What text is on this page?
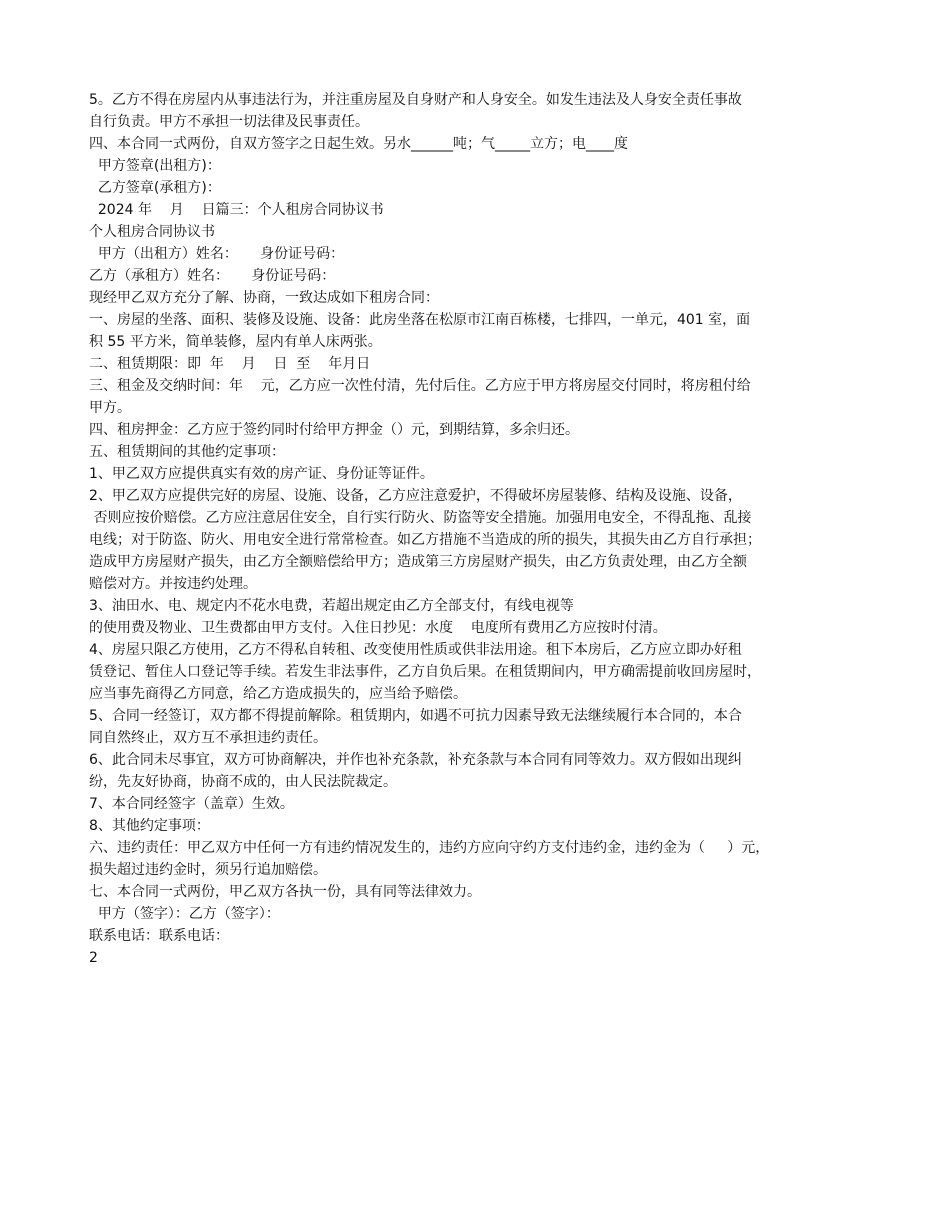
5。乙方不得在房屋内从事违法行为，并注重房屋及自身财产和人身安全。如发生违法及人身安全责任事故
自行负责。甲方不承担一切法律及民事责任。
四、本合同一式两份，自双方签字之日起生效。另水______吨；气_____立方；电____度
甲方签章(出租方)：
乙方签章(承租方)：
2024 年    月    日篇三：个人租房合同协议书
个人租房合同协议书
甲方（出租方）姓名：     身份证号码：
乙方（承租方）姓名：     身份证号码：
现经甲乙双方充分了解、协商，一致达成如下租房合同：
一、房屋的坐落、面积、装修及设施、设备：此房坐落在松原市江南百栋楼，七排四，一单元，401 室，面
积 55 平方米，简单装修，屋内有单人床两张。
二、租赁期限：即  年    月    日  至    年月日
三、租金及交纳时间：年    元，乙方应一次性付清，先付后住。乙方应于甲方将房屋交付同时，将房租付给
甲方。
四、租房押金：乙方应于签约同时付给甲方押金（）元，到期结算，多余归还。
五、租赁期间的其他约定事项：
1、甲乙双方应提供真实有效的房产证、身份证等证件。
2、甲乙双方应提供完好的房屋、设施、设备，乙方应注意爱护，不得破坏房屋装修、结构及设施、设备，
否则应按价赔偿。乙方应注意居住安全，自行实行防火、防盗等安全措施。加强用电安全，不得乱拖、乱接
电线；对于防盗、防火、用电安全进行常常检查。如乙方措施不当造成的所的损失，其损失由乙方自行承担；
造成甲方房屋财产损失，由乙方全额赔偿给甲方；造成第三方房屋财产损失，由乙方负责处理，由乙方全额
赔偿对方。并按违约处理。
3、油田水、电、规定内不花水电费，若超出规定由乙方全部支付，有线电视等
的使用费及物业、卫生费都由甲方支付。入住日抄见：水度    电度所有费用乙方应按时付清。
4、房屋只限乙方使用，乙方不得私自转租、改变使用性质或供非法用途。租下本房后，乙方应立即办好租
赁登记、暂住人口登记等手续。若发生非法事件，乙方自负后果。在租赁期间内，甲方确需提前收回房屋时，
应当事先商得乙方同意，给乙方造成损失的，应当给予赔偿。
5、合同一经签订，双方都不得提前解除。租赁期内，如遇不可抗力因素导致无法继续履行本合同的，本合
同自然终止，双方互不承担违约责任。
6、此合同未尽事宜，双方可协商解决，并作也补充条款，补充条款与本合同有同等效力。双方假如出现纠
纷，先友好协商，协商不成的，由人民法院裁定。
7、本合同经签字（盖章）生效。
8、其他约定事项：
六、违约责任：甲乙双方中任何一方有违约情况发生的，违约方应向守约方支付违约金，违约金为（     ）元，
损失超过违约金时，须另行追加赔偿。
七、本合同一式两份，甲乙双方各执一份，具有同等法律效力。
甲方（签字）：乙方（签字）：
联系电话：联系电话：
2
